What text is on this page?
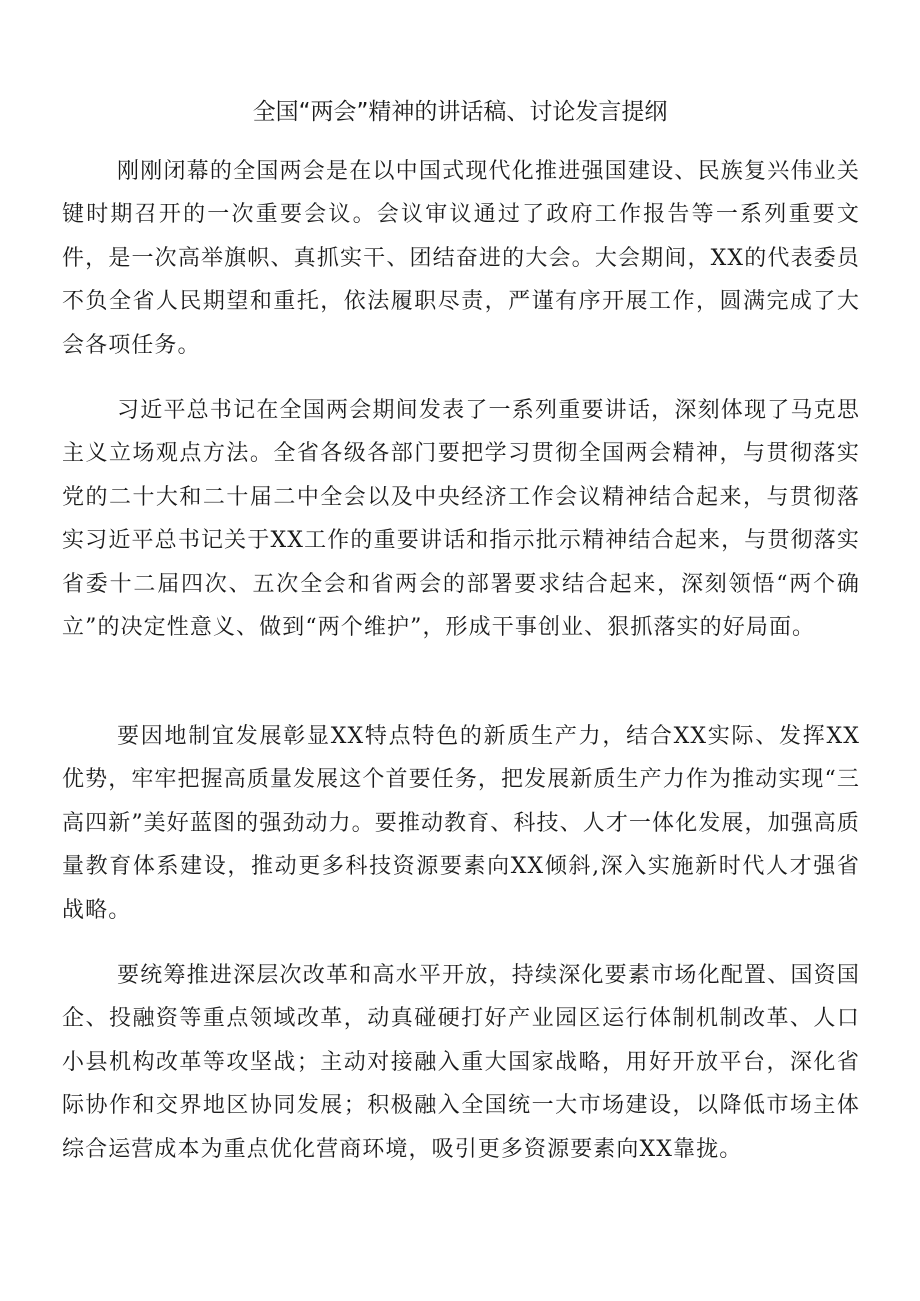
全国“两会”精神的讲话稿、讨论发言提纲

刚刚闭幕的全国两会是在以中国式现代化推进强国建设、民族复兴伟业关键时期召开的一次重要会议。会议审议通过了政府工作报告等一系列重要文件，是一次高举旗帜、真抓实干、团结奋进的大会。大会期间，XX的代表委员不负全省人民期望和重托，依法履职尽责，严谨有序开展工作，圆满完成了大会各项任务。

习近平总书记在全国两会期间发表了一系列重要讲话，深刻体现了马克思主义立场观点方法。全省各级各部门要把学习贯彻全国两会精神，与贯彻落实党的二十大和二十届二中全会以及中央经济工作会议精神结合起来，与贯彻落实习近平总书记关于XX工作的重要讲话和指示批示精神结合起来，与贯彻落实省委十二届四次、五次全会和省两会的部署要求结合起来，深刻领悟“两个确立”的决定性意义、做到“两个维护”，形成干事创业、狠抓落实的好局面。

要因地制宜发展彰显XX特点特色的新质生产力，结合XX实际、发挥XX优势，牢牢把握高质量发展这个首要任务，把发展新质生产力作为推动实现“三高四新”美好蓝图的强劲动力。要推动教育、科技、人才一体化发展，加强高质量教育体系建设，推动更多科技资源要素向XX倾斜,深入实施新时代人才强省战略。

要统筹推进深层次改革和高水平开放，持续深化要素市场化配置、国资国企、投融资等重点领域改革，动真碰硬打好产业园区运行体制机制改革、人口小县机构改革等攻坚战；主动对接融入重大国家战略，用好开放平台，深化省际协作和交界地区协同发展；积极融入全国统一大市场建设，以降低市场主体综合运营成本为重点优化营商环境，吸引更多资源要素向XX靠拢。
